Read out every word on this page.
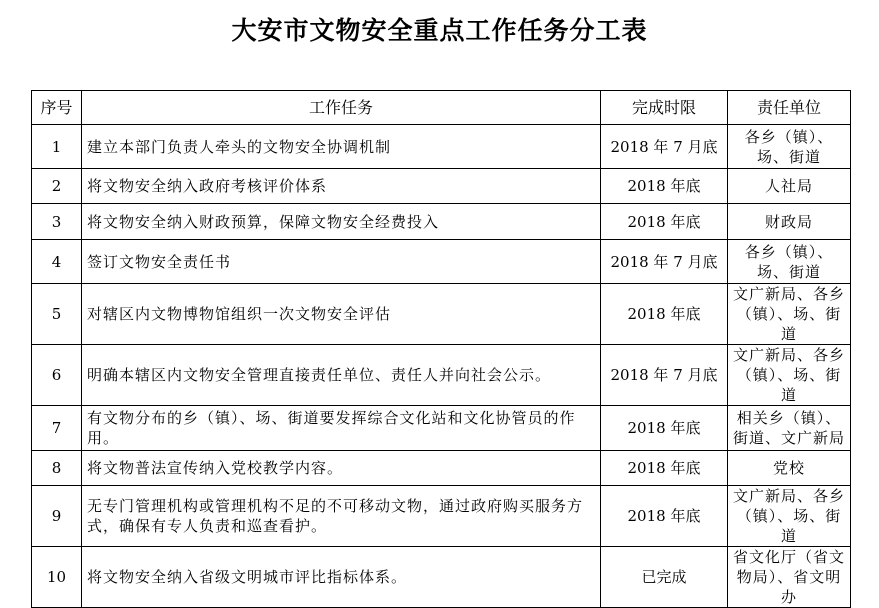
大安市文物安全重点工作任务分工表
序号	工作任务	完成时限	责任单位
1	建立本部门负责人牵头的文物安全协调机制	2018 年 7 月底	各乡（镇）、场、街道
2	将文物安全纳入政府考核评价体系	2018 年底	人社局
3	将文物安全纳入财政预算，保障文物安全经费投入	2018 年底	财政局
4	签订文物安全责任书	2018 年 7 月底	各乡（镇）、场、街道
5	对辖区内文物博物馆组织一次文物安全评估	2018 年底	文广新局、各乡（镇）、场、街道
6	明确本辖区内文物安全管理直接责任单位、责任人并向社会公示。	2018 年 7 月底	文广新局、各乡（镇）、场、街道
7	有文物分布的乡（镇）、场、街道要发挥综合文化站和文化协管员的作用。	2018 年底	相关乡（镇）、街道、文广新局
8	将文物普法宣传纳入党校教学内容。	2018 年底	党校
9	无专门管理机构或管理机构不足的不可移动文物，通过政府购买服务方式，确保有专人负责和巡查看护。	2018 年底	文广新局、各乡（镇）、场、街道
10	将文物安全纳入省级文明城市评比指标体系。	已完成	省文化厅（省文物局）、省文明办
